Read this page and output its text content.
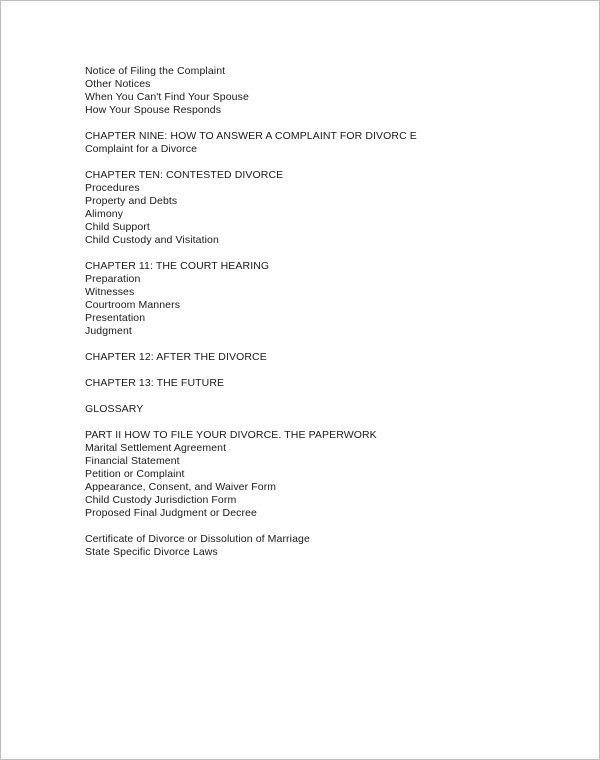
Notice of Filing the Complaint
Other Notices
When You Can't Find Your Spouse
How Your Spouse Responds
CHAPTER NINE: HOW TO ANSWER A COMPLAINT FOR DIVORC E
Complaint for a Divorce
CHAPTER TEN: CONTESTED DIVORCE
Procedures
Property and Debts
Alimony
Child Support
Child Custody and Visitation
CHAPTER 11: THE COURT HEARING
Preparation
Witnesses
Courtroom Manners
Presentation
Judgment
CHAPTER 12: AFTER THE DIVORCE
CHAPTER 13: THE FUTURE
GLOSSARY
PART II HOW TO FILE YOUR DIVORCE. THE PAPERWORK
Marital Settlement Agreement
Financial Statement
Petition or Complaint
Appearance, Consent, and Waiver Form
Child Custody Jurisdiction Form
Proposed Final Judgment or Decree
Certificate of Divorce or Dissolution of Marriage
State Specific Divorce Laws
